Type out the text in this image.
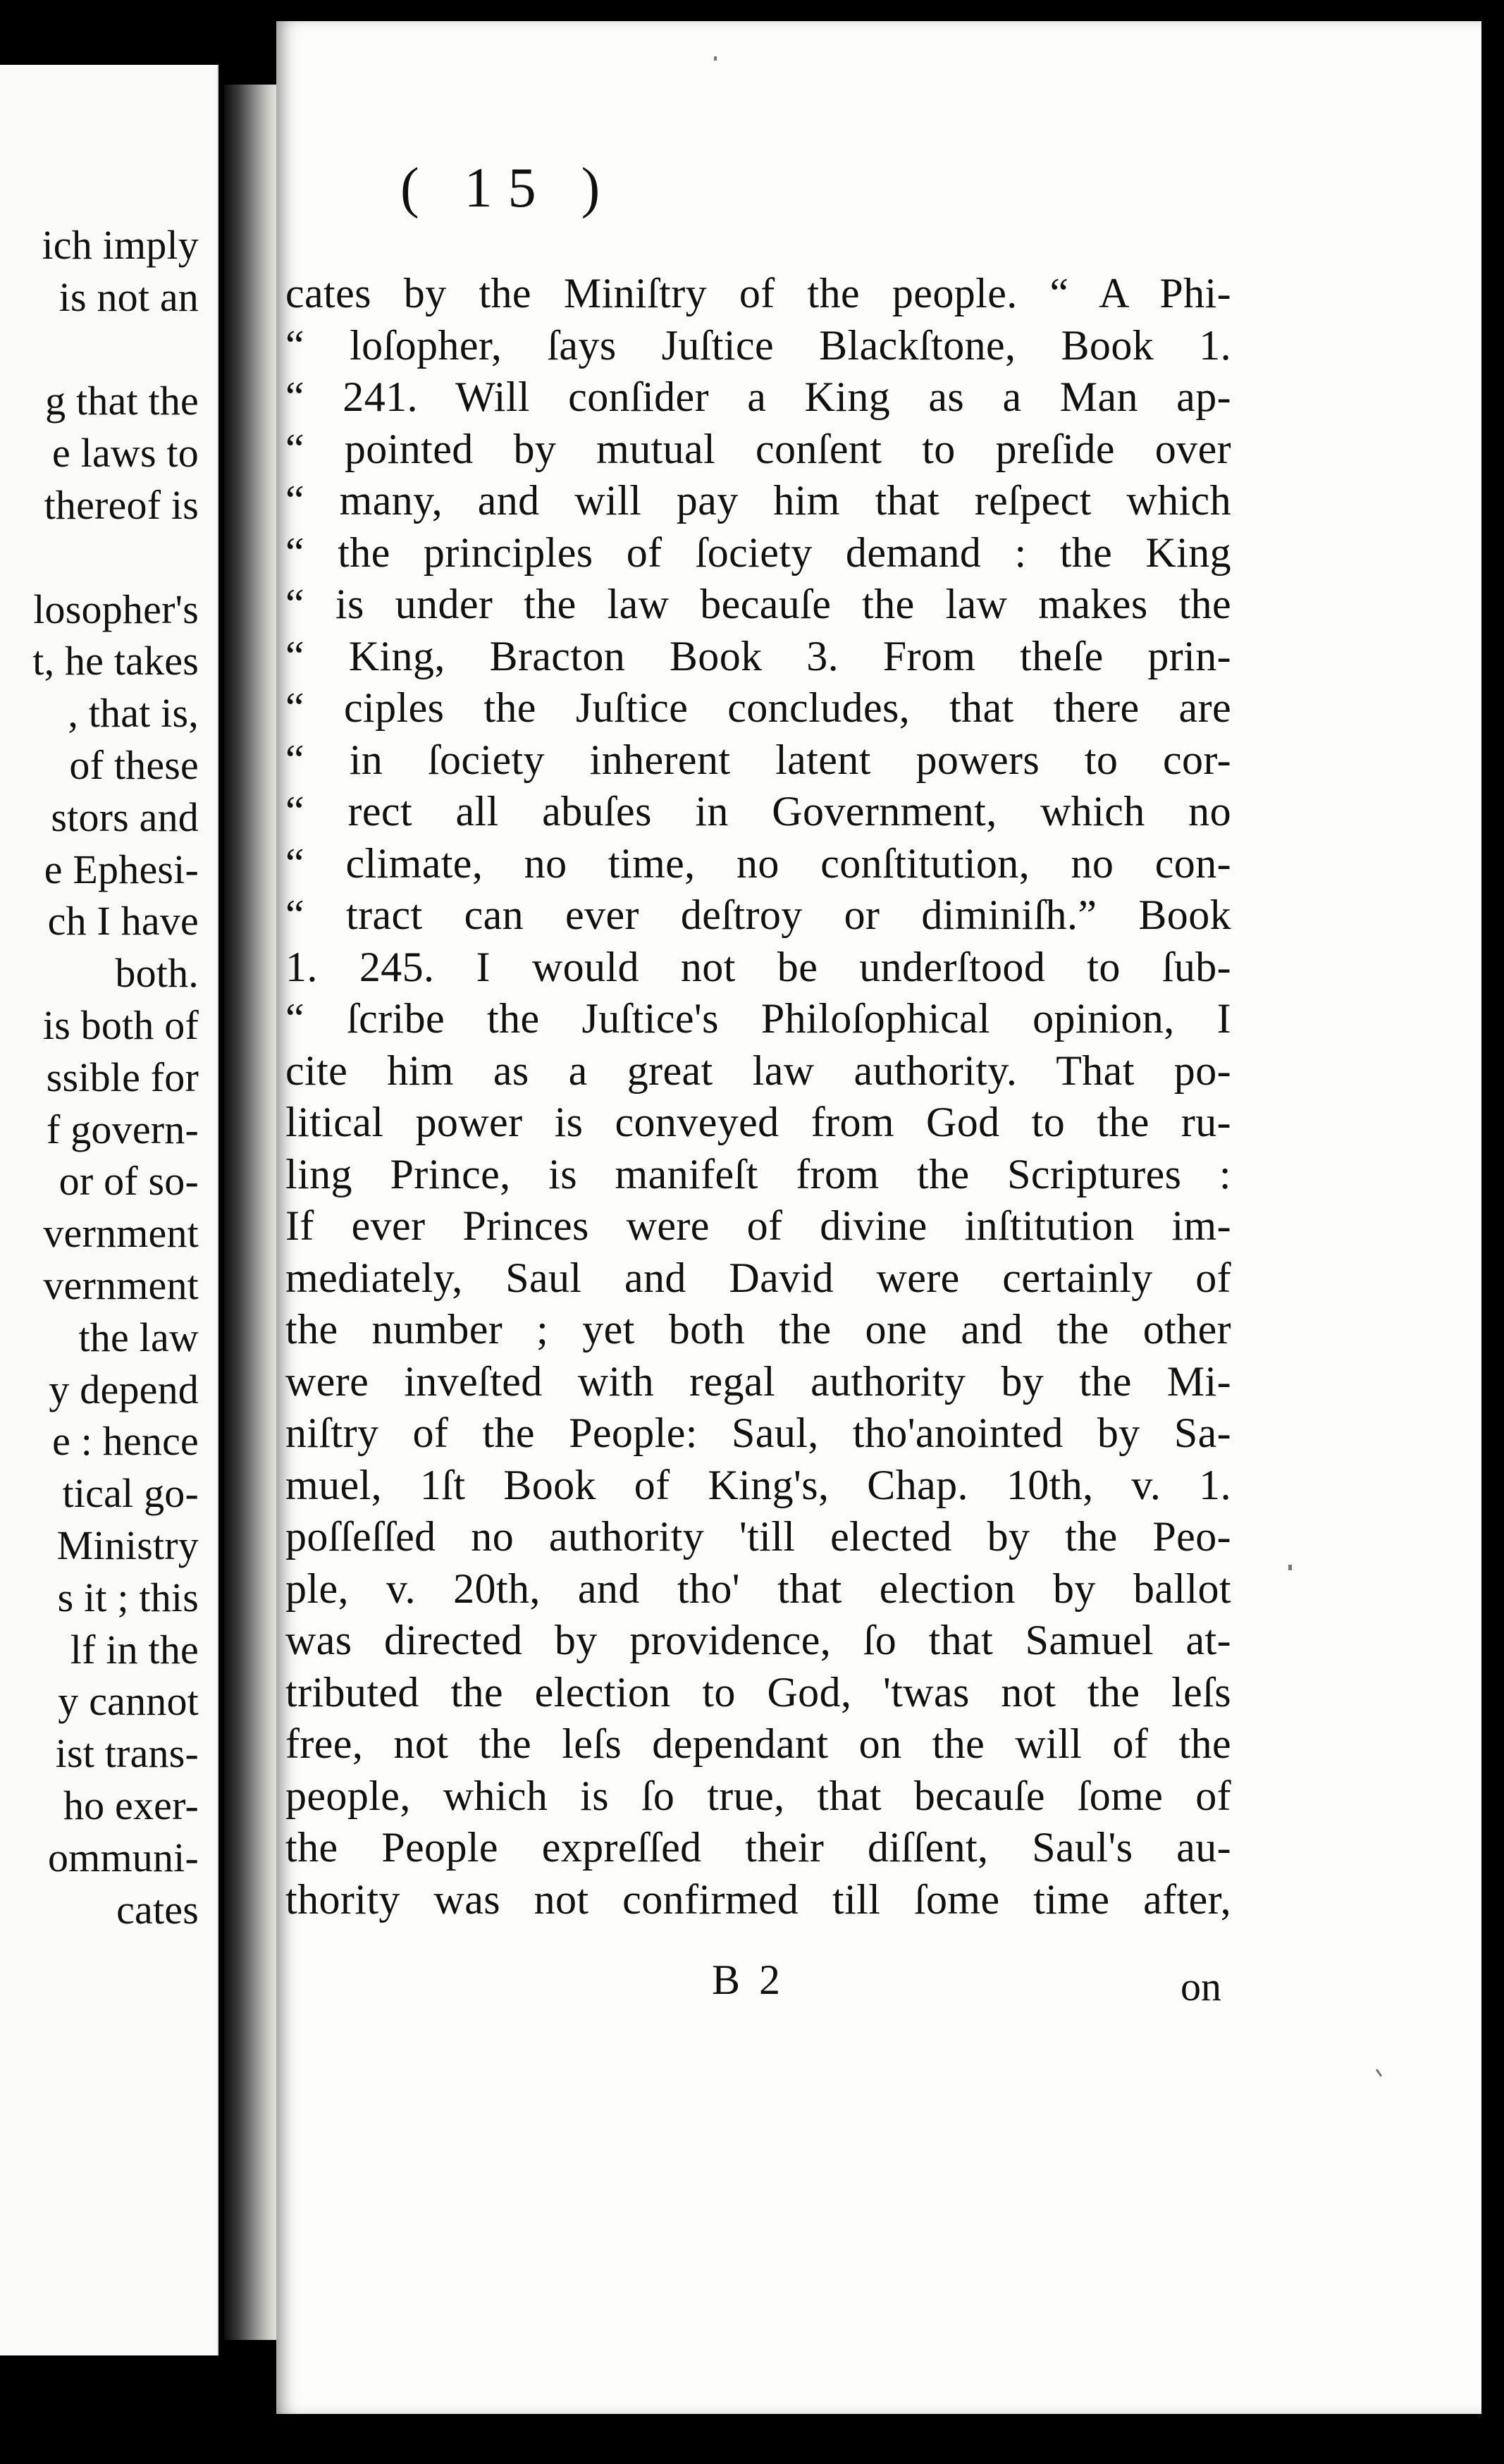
ich imply
is not an
g that the
e laws to
thereof is
losopher's
t, he takes
, that is,
of these
stors and
e Ephesi-
ch I have
both.
is both of
ssible for
f govern-
or of so-
vernment
vernment
the law
y depend
e : hence
tical go-
Ministry
s it ; this
lf in the
y cannot
ist trans-
ho exer-
ommuni-
cates
( 15 )
cates by the Miniſtry of the people. “ A Phi-
“ loſopher, ſays Juſtice Blackſtone, Book 1.
“ 241. Will conſider a King as a Man ap-
“ pointed by mutual conſent to preſide over
“ many, and will pay him that reſpect which
“ the principles of ſociety demand : the King
“ is under the law becauſe the law makes the
“ King, Bracton Book 3. From theſe prin-
“ ciples the Juſtice concludes, that there are
“ in ſociety inherent latent powers to cor-
“ rect all abuſes in Government, which no
“ climate, no time, no conſtitution, no con-
“ tract can ever deſtroy or diminiſh.” Book
1. 245. I would not be underſtood to ſub-
“ ſcribe the Juſtice's Philoſophical opinion, I
cite him as a great law authority. That po-
litical power is conveyed from God to the ru-
ling Prince, is manifeſt from the Scriptures :
If ever Princes were of divine inſtitution im-
mediately, Saul and David were certainly of
the number ; yet both the one and the other
were inveſted with regal authority by the Mi-
niſtry of the People: Saul, tho'anointed by Sa-
muel, 1ſt Book of King's, Chap. 10th, v. 1.
poſſeſſed no authority 'till elected by the Peo-
ple, v. 20th, and tho' that election by ballot
was directed by providence, ſo that Samuel at-
tributed the election to God, 'twas not the leſs
free, not the leſs dependant on the will of the
people, which is ſo true, that becauſe ſome of
the People expreſſed their diſſent, Saul's au-
thority was not confirmed till ſome time after,
B 2	on
